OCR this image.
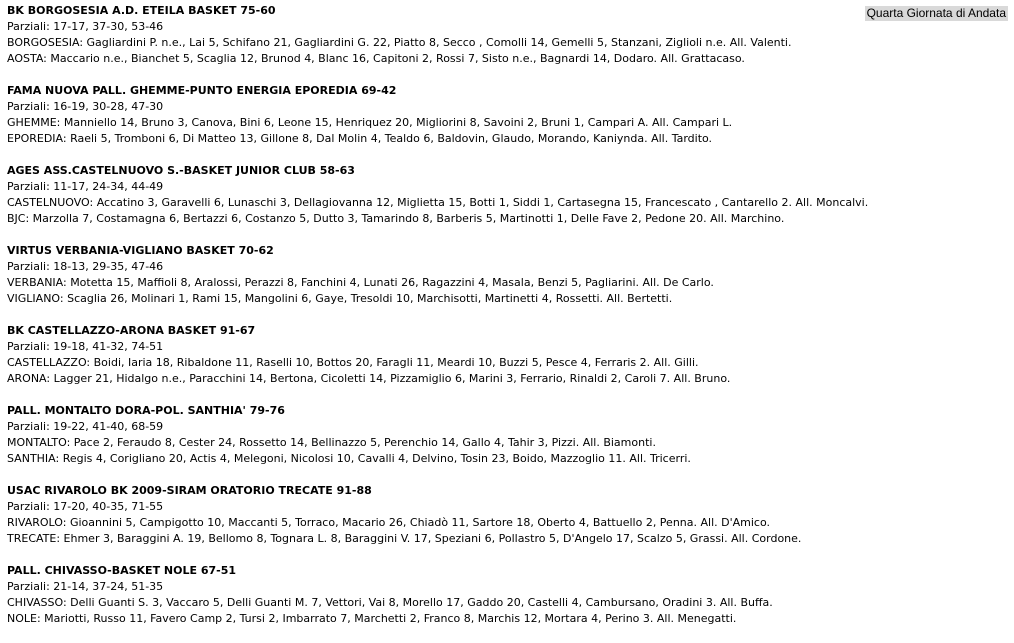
Quarta Giornata di Andata
BK BORGOSESIA A.D. ETEILA BASKET 75-60
Parziali: 17-17, 37-30, 53-46
BORGOSESIA: Gagliardini P. n.e., Lai 5, Schifano 21, Gagliardini G. 22, Piatto 8, Secco , Comolli 14, Gemelli 5, Stanzani, Ziglioli n.e. All. Valenti.
AOSTA: Maccario n.e., Bianchet 5, Scaglia 12, Brunod 4, Blanc 16, Capitoni 2, Rossi 7, Sisto n.e., Bagnardi 14, Dodaro. All. Grattacaso.
FAMA NUOVA PALL. GHEMME-PUNTO ENERGIA EPOREDIA 69-42
Parziali: 16-19, 30-28, 47-30
GHEMME: Manniello 14, Bruno 3, Canova, Bini 6, Leone 15, Henriquez 20, Migliorini 8, Savoini 2, Bruni 1, Campari A. All. Campari L.
EPOREDIA: Raeli 5, Tromboni 6, Di Matteo 13, Gillone 8, Dal Molin 4, Tealdo 6, Baldovin, Glaudo, Morando, Kaniynda. All. Tardito.
AGES ASS.CASTELNUOVO S.-BASKET JUNIOR CLUB 58-63
Parziali: 11-17, 24-34, 44-49
CASTELNUOVO: Accatino 3, Garavelli 6, Lunaschi 3, Dellagiovanna 12, Miglietta 15, Botti 1, Siddi 1, Cartasegna 15, Francescato , Cantarello 2. All. Moncalvi.
BJC: Marzolla 7, Costamagna 6, Bertazzi 6, Costanzo 5, Dutto 3, Tamarindo 8, Barberis 5, Martinotti 1, Delle Fave 2, Pedone 20. All. Marchino.
VIRTUS VERBANIA-VIGLIANO BASKET 70-62
Parziali: 18-13, 29-35, 47-46
VERBANIA: Motetta 15, Maffioli 8, Aralossi, Perazzi 8, Fanchini 4, Lunati 26, Ragazzini 4, Masala, Benzi 5, Pagliarini. All. De Carlo.
VIGLIANO: Scaglia 26, Molinari 1, Rami 15, Mangolini 6, Gaye, Tresoldi 10, Marchisotti, Martinetti 4, Rossetti. All. Bertetti.
BK CASTELLAZZO-ARONA BASKET 91-67
Parziali: 19-18, 41-32, 74-51
CASTELLAZZO: Boidi, Iaria 18, Ribaldone 11, Raselli 10, Bottos 20, Faragli 11, Meardi 10, Buzzi 5, Pesce 4, Ferraris 2. All. Gilli.
ARONA: Lagger 21, Hidalgo n.e., Paracchini 14, Bertona, Cicoletti 14, Pizzamiglio 6, Marini 3, Ferrario, Rinaldi 2, Caroli 7. All. Bruno.
PALL. MONTALTO DORA-POL. SANTHIA' 79-76
Parziali: 19-22, 41-40, 68-59
MONTALTO: Pace 2, Feraudo 8, Cester 24, Rossetto 14, Bellinazzo 5, Perenchio 14, Gallo 4, Tahir 3, Pizzi. All. Biamonti.
SANTHIA: Regis 4, Corigliano 20, Actis 4, Melegoni, Nicolosi 10, Cavalli 4, Delvino, Tosin 23, Boido, Mazzoglio 11. All. Tricerri.
USAC RIVAROLO BK 2009-SIRAM ORATORIO TRECATE 91-88
Parziali: 17-20, 40-35, 71-55
RIVAROLO: Gioannini 5, Campigotto 10, Maccanti 5, Torraco, Macario 26, Chiadò 11, Sartore 18, Oberto 4, Battuello 2, Penna. All. D'Amico.
TRECATE: Ehmer 3, Baraggini A. 19, Bellomo 8, Tognara L. 8, Baraggini V. 17, Speziani 6, Pollastro 5, D'Angelo 17, Scalzo 5, Grassi. All. Cordone.
PALL. CHIVASSO-BASKET NOLE 67-51
Parziali: 21-14, 37-24, 51-35
CHIVASSO: Delli Guanti S. 3, Vaccaro 5, Delli Guanti M. 7, Vettori, Vai 8, Morello 17, Gaddo 20, Castelli 4, Cambursano, Oradini 3. All. Buffa.
NOLE: Mariotti, Russo 11, Favero Camp 2, Tursi 2, Imbarrato 7, Marchetti 2, Franco 8, Marchis 12, Mortara 4, Perino 3. All. Menegatti.
